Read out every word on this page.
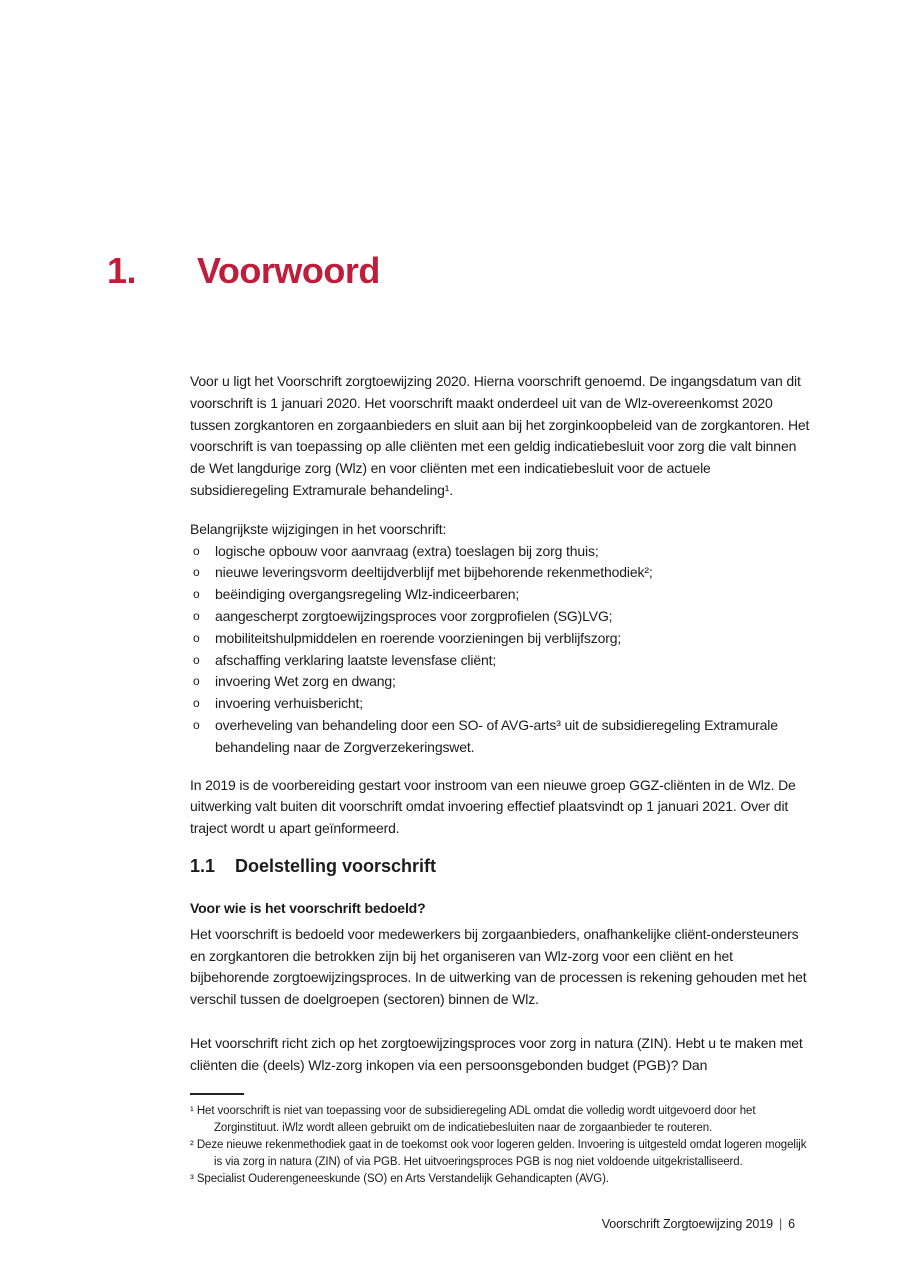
1.	Voorwoord

Voor u ligt het Voorschrift zorgtoewijzing 2020. Hierna voorschrift genoemd. De ingangsdatum van dit voorschrift is 1 januari 2020. Het voorschrift maakt onderdeel uit van de Wlz-overeenkomst 2020 tussen zorgkantoren en zorgaanbieders en sluit aan bij het zorginkoopbeleid van de zorgkantoren. Het voorschrift is van toepassing op alle cliënten met een geldig indicatiebesluit voor zorg die valt binnen de Wet langdurige zorg (Wlz) en voor cliënten met een indicatiebesluit voor de actuele subsidieregeling Extramurale behandeling¹.

Belangrijkste wijzigingen in het voorschrift:

o	logische opbouw voor aanvraag (extra) toeslagen bij zorg thuis;
o	nieuwe leveringsvorm deeltijdverblijf met bijbehorende rekenmethodiek²;
o	beëindiging overgangsregeling Wlz-indiceerbaren;
o	aangescherpt zorgtoewijzingsproces voor zorgprofielen (SG)LVG;
o	mobiliteitshulpmiddelen en roerende voorzieningen bij verblijfszorg;
o	afschaffing verklaring laatste levensfase cliënt;
o	invoering Wet zorg en dwang;
o	invoering verhuisbericht;
o	overheveling van behandeling door een SO- of AVG-arts³ uit de subsidieregeling Extramurale behandeling naar de Zorgverzekeringswet.

In 2019 is de voorbereiding gestart voor instroom van een nieuwe groep GGZ-cliënten in de Wlz. De uitwerking valt buiten dit voorschrift omdat invoering effectief plaatsvindt op 1 januari 2021. Over dit traject wordt u apart geïnformeerd.

1.1	Doelstelling voorschrift

Voor wie is het voorschrift bedoeld?

Het voorschrift is bedoeld voor medewerkers bij zorgaanbieders, onafhankelijke cliënt-ondersteuners en zorgkantoren die betrokken zijn bij het organiseren van Wlz-zorg voor een cliënt en het bijbehorende zorgtoewijzingsproces. In de uitwerking van de processen is rekening gehouden met het verschil tussen de doelgroepen (sectoren) binnen de Wlz.

Het voorschrift richt zich op het zorgtoewijzingsproces voor zorg in natura (ZIN). Hebt u te maken met cliënten die (deels) Wlz-zorg inkopen via een persoonsgebonden budget (PGB)? Dan

¹ Het voorschrift is niet van toepassing voor de subsidieregeling ADL omdat die volledig wordt uitgevoerd door het Zorginstituut. iWlz wordt alleen gebruikt om de indicatiebesluiten naar de zorgaanbieder te routeren.

² Deze nieuwe rekenmethodiek gaat in de toekomst ook voor logeren gelden. Invoering is uitgesteld omdat logeren mogelijk is via zorg in natura (ZIN) of via PGB. Het uitvoeringsproces PGB is nog niet voldoende uitgekristalliseerd.

³ Specialist Ouderengeneeskunde (SO) en Arts Verstandelijk Gehandicapten (AVG).

Voorschrift Zorgtoewijzing 2019 | 6
